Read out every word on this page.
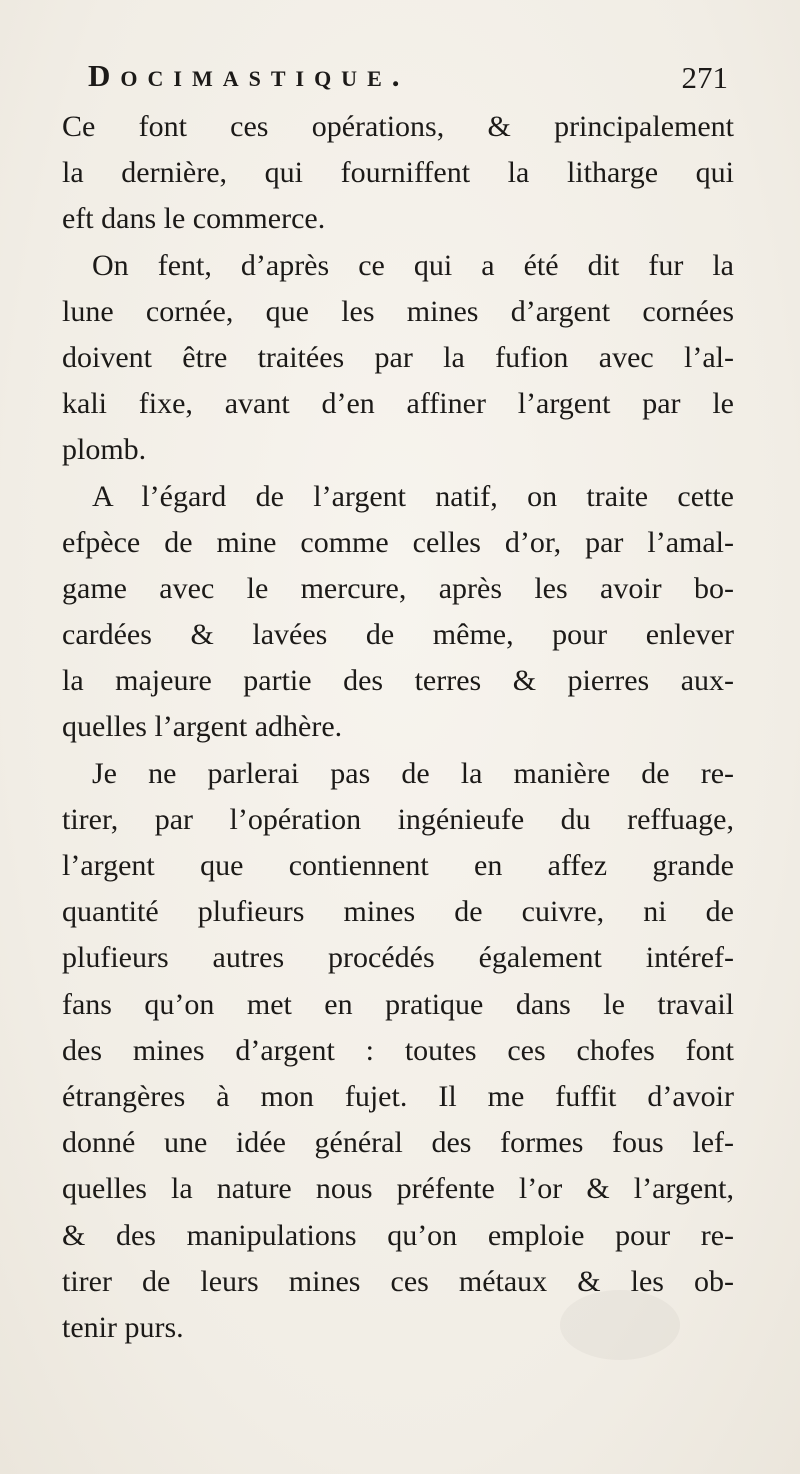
Docimastique.	271
Ce font ces opérations, & principalement
la dernière, qui fourniffent la litharge qui
eft dans le commerce.
On fent, d’après ce qui a été dit fur la
lune cornée, que les mines d’argent cornées
doivent être traitées par la fufion avec l’al-
kali fixe, avant d’en affiner l’argent par le
plomb.
A l’égard de l’argent natif, on traite cette
efpèce de mine comme celles d’or, par l’amal-
game avec le mercure, après les avoir bo-
cardées & lavées de même, pour enlever
la majeure partie des terres & pierres aux-
quelles l’argent adhère.
Je ne parlerai pas de la manière de re-
tirer, par l’opération ingénieufe du reffuage,
l’argent que contiennent en affez grande
quantité plufieurs mines de cuivre, ni de
plufieurs autres procédés également intéref-
fans qu’on met en pratique dans le travail
des mines d’argent : toutes ces chofes font
étrangères à mon fujet. Il me fuffit d’avoir
donné une idée général des formes fous lef-
quelles la nature nous préfente l’or & l’argent,
& des manipulations qu’on emploie pour re-
tirer de leurs mines ces métaux & les ob-
tenir purs.
